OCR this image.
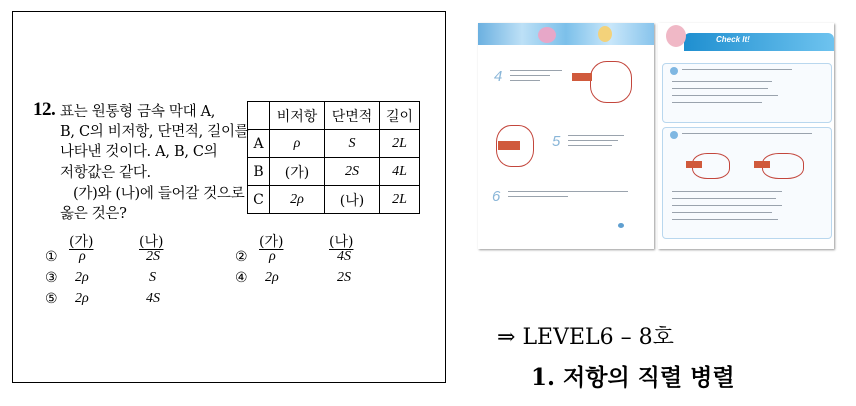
12. 표는 원통형 금속 막대 A,
B, C의 비저항, 단면적, 길이를
나타낸 것이다. A, B, C의
저항값은 같다.
(가)와 (나)에 들어갈 것으로
옳은 것은?
	비저항	단면적	길이
A	ρ	S	2L
B	(가)	2S	4L
C	2ρ	(나)	2L
(가)	(나)	(가)	(나)
① ρ	2S
③ 2ρ	S
⑤ 2ρ	4S
② ρ	4S
④ 2ρ	2S
4
5
6
Check It!
⇒ LEVEL6 – 8호
1. 저항의 직렬 병렬
